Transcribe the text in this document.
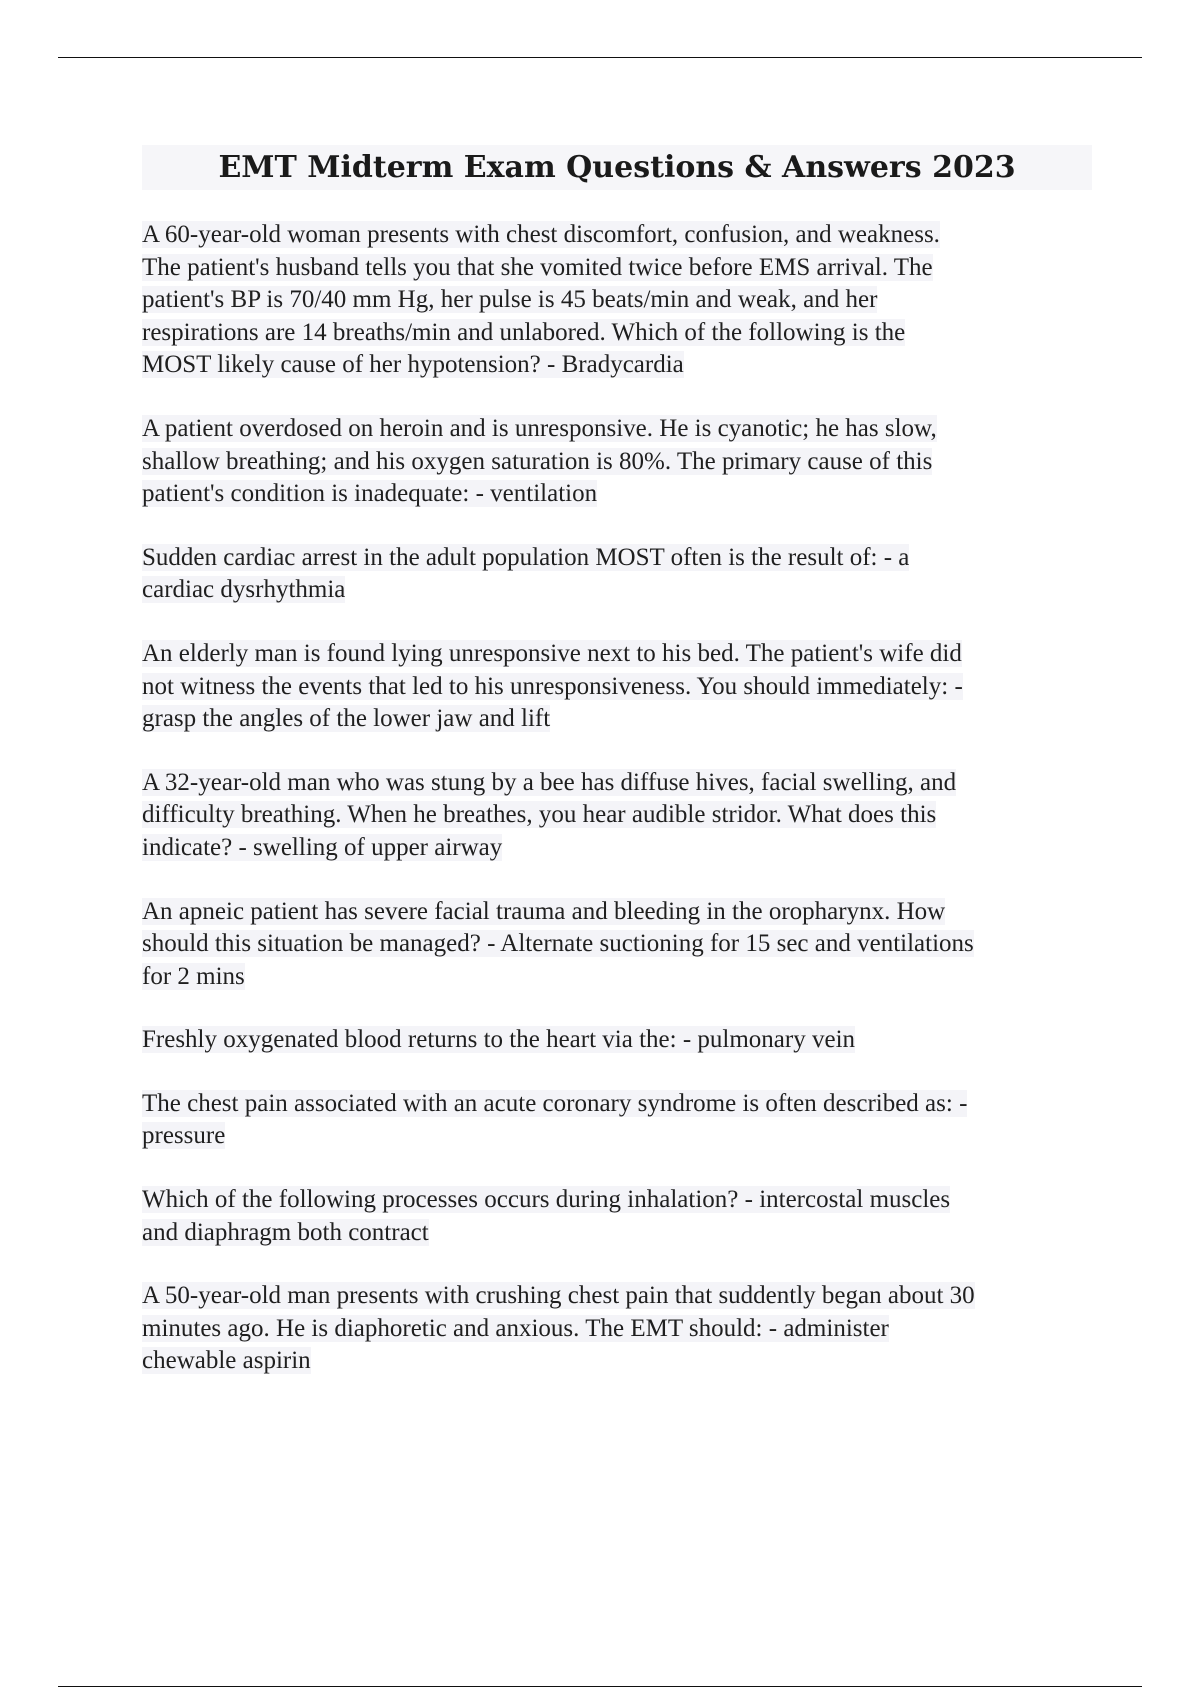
EMT Midterm Exam Questions & Answers 2023
A 60-year-old woman presents with chest discomfort, confusion, and weakness.
The patient's husband tells you that she vomited twice before EMS arrival. The
patient's BP is 70/40 mm Hg, her pulse is 45 beats/min and weak, and her
respirations are 14 breaths/min and unlabored. Which of the following is the
MOST likely cause of her hypotension? - Bradycardia
A patient overdosed on heroin and is unresponsive. He is cyanotic; he has slow,
shallow breathing; and his oxygen saturation is 80%. The primary cause of this
patient's condition is inadequate: - ventilation
Sudden cardiac arrest in the adult population MOST often is the result of: - a
cardiac dysrhythmia
An elderly man is found lying unresponsive next to his bed. The patient's wife did
not witness the events that led to his unresponsiveness. You should immediately: -
grasp the angles of the lower jaw and lift
A 32-year-old man who was stung by a bee has diffuse hives, facial swelling, and
difficulty breathing. When he breathes, you hear audible stridor. What does this
indicate? - swelling of upper airway
An apneic patient has severe facial trauma and bleeding in the oropharynx. How
should this situation be managed? - Alternate suctioning for 15 sec and ventilations
for 2 mins
Freshly oxygenated blood returns to the heart via the: - pulmonary vein
The chest pain associated with an acute coronary syndrome is often described as: -
pressure
Which of the following processes occurs during inhalation? - intercostal muscles
and diaphragm both contract
A 50-year-old man presents with crushing chest pain that suddently began about 30
minutes ago. He is diaphoretic and anxious. The EMT should: - administer
chewable aspirin
